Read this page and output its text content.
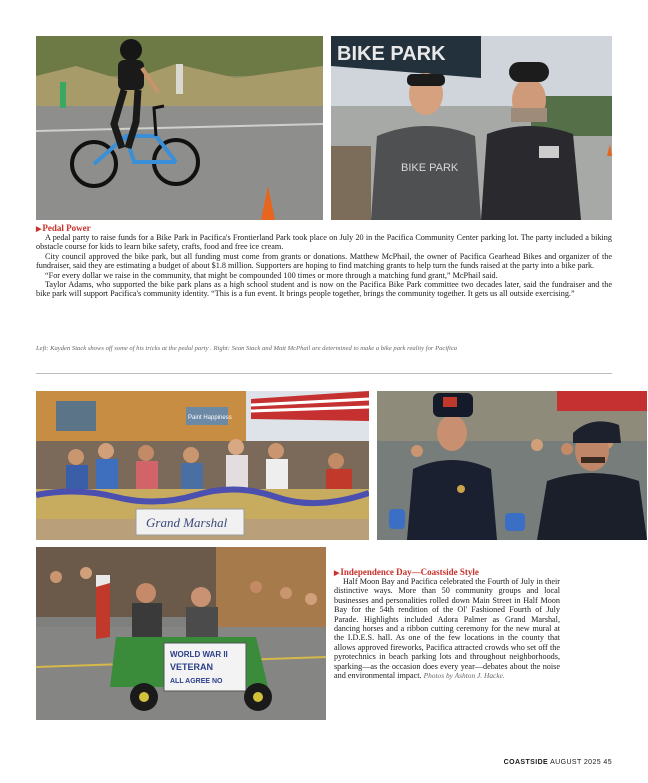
BIKE PARK
BIKE PARK
▶Pedal Power

A pedal party to raise funds for a Bike Park in Pacifica's Frontierland Park took place on July 20 in the Pacifica Community Center parking lot. The party included a biking obstacle course for kids to learn bike safety, crafts, food and free ice cream.

City council approved the bike park, but all funding must come from grants or donations. Matthew McPhail, the owner of Pacifica Gearhead Bikes and organizer of the fundraiser, said they are estimating a budget of about $1.8 million. Supporters are hoping to find matching grants to help turn the funds raised at the party into a bike park.

“For every dollar we raise in the community, that might be compounded 100 times or more through a matching fund grant,” McPhail said.

Taylor Adams, who supported the bike park plans as a high school student and is now on the Pacifica Bike Park committee two decades later, said the fundraiser and the bike park will support Pacifica's community identity. “This is a fun event. It brings people together, brings the community together. It gets us all outside exercising.”

Left: Kayden Stack shows off some of his tricks at the pedal party . Right: Sean Stack and Matt McPhail are determined to make a bike park reality for Pacifica
Paint Happiness
Grand Marshal
WORLD WAR II
VETERAN
ALL AGREE NO
▶Independence Day—Coastside Style

Half Moon Bay and Pacifica celebrated the Fourth of July in their distinctive ways. More than 50 community groups and local businesses and personalities rolled down Main Street in Half Moon Bay for the 54th rendition of the Ol' Fashioned Fourth of July Parade. Highlights included Adora Palmer as Grand Marshal, dancing horses and a ribbon cutting ceremony for the new mural at the I.D.E.S. hall. As one of the few locations in the county that allows approved fireworks, Pacifica attracted crowds who set off the pyrotechnics in beach parking lots and throughout neighborhoods, sparking—as the occasion does every year—debates about the noise and environmental impact. Photos by Ashton J. Hacke.

COASTSIDE AUGUST 2025 45
